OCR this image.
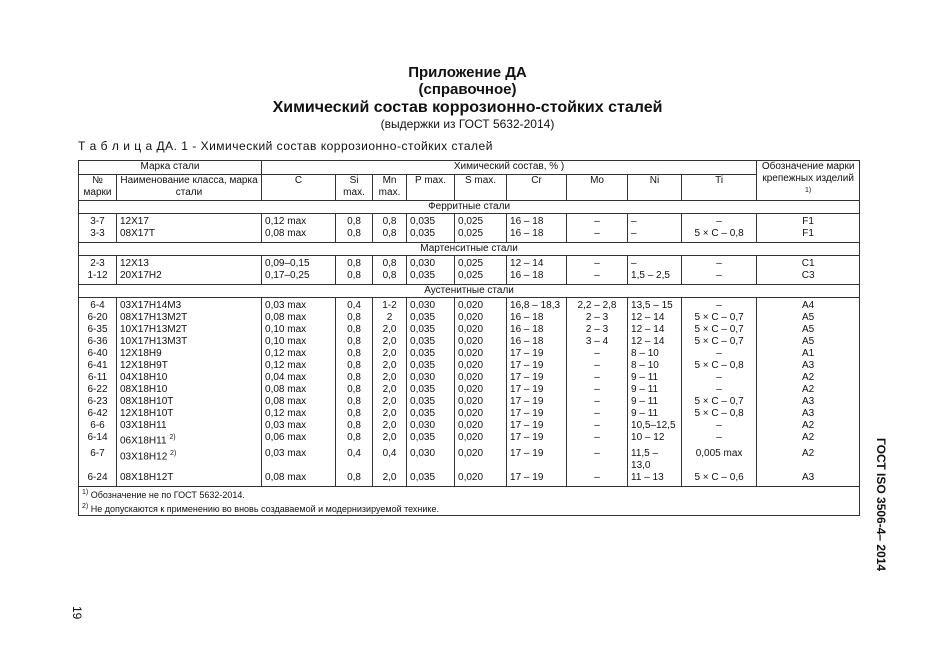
Приложение ДА
(справочное)
Химический состав коррозионно-стойких сталей
(выдержки из ГОСТ 5632-2014)
Т а б л и ц а ДА. 1 - Химический состав коррозионно-стойких сталей
Марка стали		Химический состав, % )									Обозначение марки крепежных изделий $^{1)}$
№ марки	Наименование класса, марка стали	C	Si max.	Mn max.	P max.	S max.	Cr	Mo	Ni	Ti	
Ферритные стали											
3-7	12Х17	0,12 max	0,8	0,8	0,035	0,025	16 – 18	–	–	–	F1
3-3	08Х17Т	0,08 max	0,8	0,8	0,035	0,025	16 – 18	–	–	5 × C – 0,8	F1
Мартенситные стали											
2-3	12Х13	0,09–0,15	0,8	0,8	0,030	0,025	12 – 14	–	–	–	C1
1-12	20Х17Н2	0,17–0,25	0,8	0,8	0,035	0,025	16 – 18	–	1,5 – 2,5	–	C3
Аустенитные стали											
6-4	03Х17Н14М3	0,03 max	0,4	1-2	0,030	0,020	16,8 – 18,3	2,2 – 2,8	13,5 – 15	–	A4
6-20	08Х17Н13М2Т	0,08 max	0,8	2	0,035	0,020	16 – 18	2 – 3	12 – 14	5 × C – 0,7	A5
6-35	10Х17Н13М2Т	0,10 max	0,8	2,0	0,035	0,020	16 – 18	2 – 3	12 – 14	5 × C – 0,7	A5
6-36	10Х17Н13М3Т	0,10 max	0,8	2,0	0,035	0,020	16 – 18	3 – 4	12 – 14	5 × C – 0,7	A5
6-40	12Х18Н9	0,12 max	0,8	2,0	0,035	0,020	17 – 19	–	8 – 10	–	A1
6-41	12Х18Н9Т	0,12 max	0,8	2,0	0,035	0,020	17 – 19	–	8 – 10	5 × C – 0,8	A3
6-11	04Х18Н10	0,04 max	0,8	2,0	0,030	0,020	17 – 19	–	9 – 11	–	A2
6-22	08Х18Н10	0,08 max	0,8	2,0	0,035	0,020	17 – 19	–	9 – 11	–	A2
6-23	08Х18Н10Т	0,08 max	0,8	2,0	0,035	0,020	17 – 19	–	9 – 11	5 × C – 0,7	A3
6-42	12Х18Н10Т	0,12 max	0,8	2,0	0,035	0,020	17 – 19	–	9 – 11	5 × C – 0,8	A3
6-6	03Х18Н11	0,03 max	0,8	2,0	0,030	0,020	17 – 19	–	10,5–12,5	–	A2
6-14	06Х18Н11 $^{2)}$	0,06 max	0,8	2,0	0,035	0,020	17 – 19	–	10 – 12	–	A2
6-7	03Х18Н12 $^{2)}$	0,03 max	0,4	0,4	0,030	0,020	17 – 19	–	11,5 – 13,0	0,005 max	A2
6-24	08Х18Н12Т	0,08 max	0,8	2,0	0,035	0,020	17 – 19	–	11 – 13	5 × C – 0,6	A3
$^{1)}$ Обозначение не по ГОСТ 5632-2014.											
$^{2)}$ Не допускаются к применению во вновь создаваемой и модернизируемой технике.												ГОСТ ISO 3506-4– 2014
19
